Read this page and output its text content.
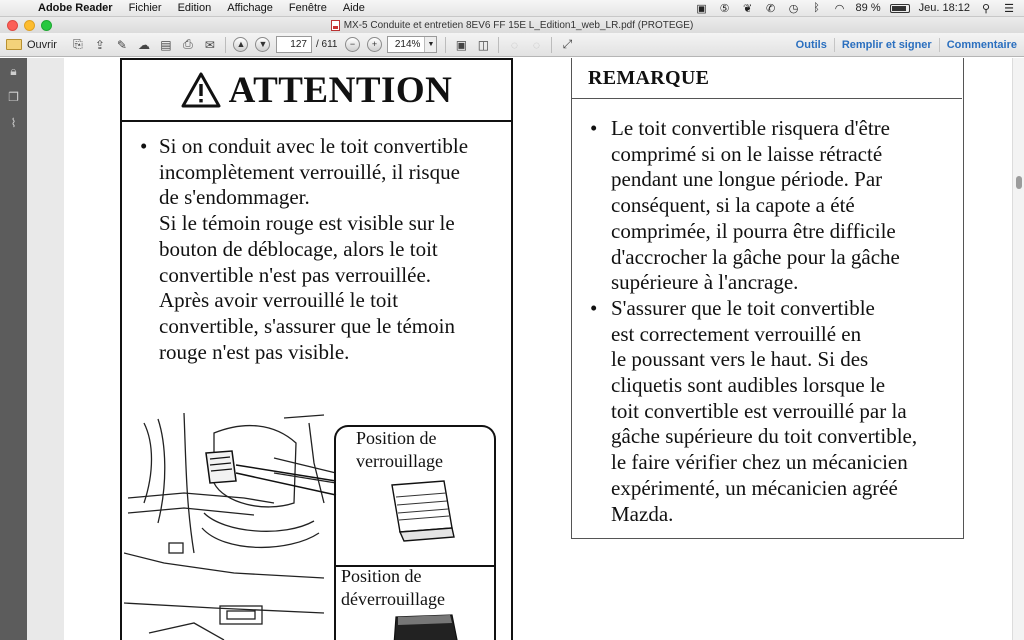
Adobe Reader	Fichier	Edition	Affichage	Fenêtre	Aide	▣ ⑤ ❦ ✆ ◷	ᛒ	◠ 89 %	Jeu. 18:12 ⚲ ☰
MX-5 Conduite et entretien 8EV6 FF 15E L_Edition1_web_LR.pdf (PROTEGE)
Ouvrir	⎘	⇪ ✎ ☁ ▤ ⎙	✉	▲	▼	127 / 611	−	+	214%	▼ ▣ ◫	◌	◌	⤢	Outils	Remplir et signer	Commentaire
🔒︎
❐
⌇
ATTENTION
• Si on conduit avec le toit convertible
incomplètement verrouillé, il risque
de s'endommager.
Si le témoin rouge est visible sur le
bouton de déblocage, alors le toit
convertible n'est pas verrouillée.
Après avoir verrouillé le toit
convertible, s'assurer que le témoin
rouge n'est pas visible.
Position de
verrouillage
Position de
déverrouillage
REMARQUE
• Le toit convertible risquera d'être
comprimé si on le laisse rétracté
pendant une longue période. Par
conséquent, si la capote a été
comprimée, il pourra être difficile
d'accrocher la gâche pour la gâche
supérieure à l'ancrage.
• S'assurer que le toit convertible
est correctement verrouillé en
le poussant vers le haut. Si des
cliquetis sont audibles lorsque le
toit convertible est verrouillé par la
gâche supérieure du toit convertible,
le faire vérifier chez un mécanicien
expérimenté, un mécanicien agréé
Mazda.
